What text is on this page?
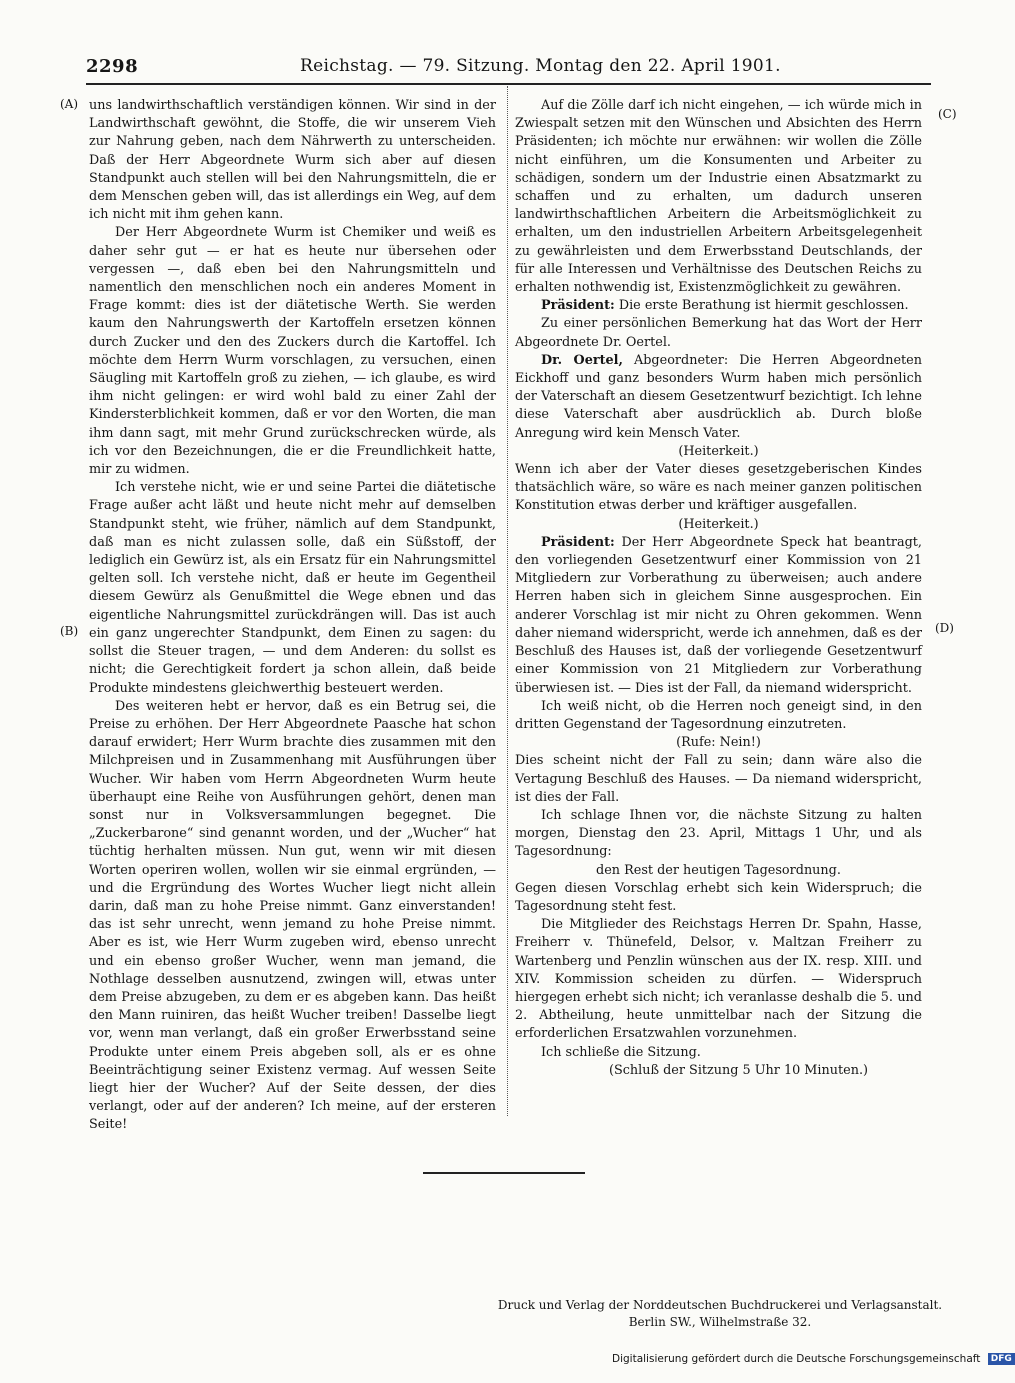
2298	Reichstag. — 79. Sitzung. Montag den 22. April 1901.
(A)
(B)
(C)
(D)

uns landwirthschaftlich verständigen können. Wir sind in der Landwirthschaft gewöhnt, die Stoffe, die wir unserem Vieh zur Nahrung geben, nach dem Nährwerth zu unterscheiden. Daß der Herr Abgeordnete Wurm sich aber auf diesen Standpunkt auch stellen will bei den Nahrungsmitteln, die er dem Menschen geben will, das ist allerdings ein Weg, auf dem ich nicht mit ihm gehen kann.

Der Herr Abgeordnete Wurm ist Chemiker und weiß es daher sehr gut — er hat es heute nur übersehen oder vergessen —, daß eben bei den Nahrungsmitteln und namentlich den menschlichen noch ein anderes Moment in Frage kommt: dies ist der diätetische Werth. Sie werden kaum den Nahrungswerth der Kartoffeln ersetzen können durch Zucker und den des Zuckers durch die Kartoffel. Ich möchte dem Herrn Wurm vorschlagen, zu versuchen, einen Säugling mit Kartoffeln groß zu ziehen, — ich glaube, es wird ihm nicht gelingen: er wird wohl bald zu einer Zahl der Kindersterblichkeit kommen, daß er vor den Worten, die man ihm dann sagt, mit mehr Grund zurückschrecken würde, als ich vor den Bezeichnungen, die er die Freundlichkeit hatte, mir zu widmen.

Ich verstehe nicht, wie er und seine Partei die diätetische Frage außer acht läßt und heute nicht mehr auf demselben Standpunkt steht, wie früher, nämlich auf dem Standpunkt, daß man es nicht zulassen solle, daß ein Süßstoff, der lediglich ein Gewürz ist, als ein Ersatz für ein Nahrungsmittel gelten soll. Ich verstehe nicht, daß er heute im Gegentheil diesem Gewürz als Genußmittel die Wege ebnen und das eigentliche Nahrungsmittel zurückdrängen will. Das ist auch ein ganz ungerechter Standpunkt, dem Einen zu sagen: du sollst die Steuer tragen, — und dem Anderen: du sollst es nicht; die Gerechtigkeit fordert ja schon allein, daß beide Produkte mindestens gleichwerthig besteuert werden.

Des weiteren hebt er hervor, daß es ein Betrug sei, die Preise zu erhöhen. Der Herr Abgeordnete Paasche hat schon darauf erwidert; Herr Wurm brachte dies zusammen mit den Milchpreisen und in Zusammenhang mit Ausführungen über Wucher. Wir haben vom Herrn Abgeordneten Wurm heute überhaupt eine Reihe von Ausführungen gehört, denen man sonst nur in Volksversammlungen begegnet. Die „Zuckerbarone“ sind genannt worden, und der „Wucher“ hat tüchtig herhalten müssen. Nun gut, wenn wir mit diesen Worten operiren wollen, wollen wir sie einmal ergründen, — und die Ergründung des Wortes Wucher liegt nicht allein darin, daß man zu hohe Preise nimmt. Ganz einverstanden! das ist sehr unrecht, wenn jemand zu hohe Preise nimmt. Aber es ist, wie Herr Wurm zugeben wird, ebenso unrecht und ein ebenso großer Wucher, wenn man jemand, die Nothlage desselben ausnutzend, zwingen will, etwas unter dem Preise abzugeben, zu dem er es abgeben kann. Das heißt den Mann ruiniren, das heißt Wucher treiben! Dasselbe liegt vor, wenn man verlangt, daß ein großer Erwerbsstand seine Produkte unter einem Preis abgeben soll, als er es ohne Beeinträchtigung seiner Existenz vermag. Auf wessen Seite liegt hier der Wucher? Auf der Seite dessen, der dies verlangt, oder auf der anderen? Ich meine, auf der ersteren Seite!

Auf die Zölle darf ich nicht eingehen, — ich würde mich in Zwiespalt setzen mit den Wünschen und Absichten des Herrn Präsidenten; ich möchte nur erwähnen: wir wollen die Zölle nicht einführen, um die Konsumenten und Arbeiter zu schädigen, sondern um der Industrie einen Absatzmarkt zu schaffen und zu erhalten, um dadurch unseren landwirthschaftlichen Arbeitern die Arbeitsmöglichkeit zu erhalten, um den industriellen Arbeitern Arbeitsgelegenheit zu gewährleisten und dem Erwerbsstand Deutschlands, der für alle Interessen und Verhältnisse des Deutschen Reichs zu erhalten nothwendig ist, Existenzmöglichkeit zu gewähren.

Präsident: Die erste Berathung ist hiermit geschlossen.

Zu einer persönlichen Bemerkung hat das Wort der Herr Abgeordnete Dr. Oertel.

Dr. Oertel, Abgeordneter: Die Herren Abgeordneten Eickhoff und ganz besonders Wurm haben mich persönlich der Vaterschaft an diesem Gesetzentwurf bezichtigt. Ich lehne diese Vaterschaft aber ausdrücklich ab. Durch bloße Anregung wird kein Mensch Vater.

(Heiterkeit.)

Wenn ich aber der Vater dieses gesetzgeberischen Kindes thatsächlich wäre, so wäre es nach meiner ganzen politischen Konstitution etwas derber und kräftiger ausgefallen.

(Heiterkeit.)

Präsident: Der Herr Abgeordnete Speck hat beantragt, den vorliegenden Gesetzentwurf einer Kommission von 21 Mitgliedern zur Vorberathung zu überweisen; auch andere Herren haben sich in gleichem Sinne ausgesprochen. Ein anderer Vorschlag ist mir nicht zu Ohren gekommen. Wenn daher niemand widerspricht, werde ich annehmen, daß es der Beschluß des Hauses ist, daß der vorliegende Gesetzentwurf einer Kommission von 21 Mitgliedern zur Vorberathung überwiesen ist. — Dies ist der Fall, da niemand widerspricht.

Ich weiß nicht, ob die Herren noch geneigt sind, in den dritten Gegenstand der Tagesordnung einzutreten.

(Rufe: Nein!)

Dies scheint nicht der Fall zu sein; dann wäre also die Vertagung Beschluß des Hauses. — Da niemand widerspricht, ist dies der Fall.

Ich schlage Ihnen vor, die nächste Sitzung zu halten morgen, Dienstag den 23. April, Mittags 1 Uhr, und als Tagesordnung:

den Rest der heutigen Tagesordnung.

Gegen diesen Vorschlag erhebt sich kein Widerspruch; die Tagesordnung steht fest.

Die Mitglieder des Reichstags Herren Dr. Spahn, Hasse, Freiherr v. Thünefeld, Delsor, v. Maltzan Freiherr zu Wartenberg und Penzlin wünschen aus der IX. resp. XIII. und XIV. Kommission scheiden zu dürfen. — Widerspruch hiergegen erhebt sich nicht; ich veranlasse deshalb die 5. und 2. Abtheilung, heute unmittelbar nach der Sitzung die erforderlichen Ersatzwahlen vorzunehmen.

Ich schließe die Sitzung.

(Schluß der Sitzung 5 Uhr 10 Minuten.)

Druck und Verlag der Norddeutschen Buchdruckerei und Verlagsanstalt.
Berlin SW., Wilhelmstraße 32.
Digitalisierung gefördert durch die Deutsche Forschungsgemeinschaft DFG
